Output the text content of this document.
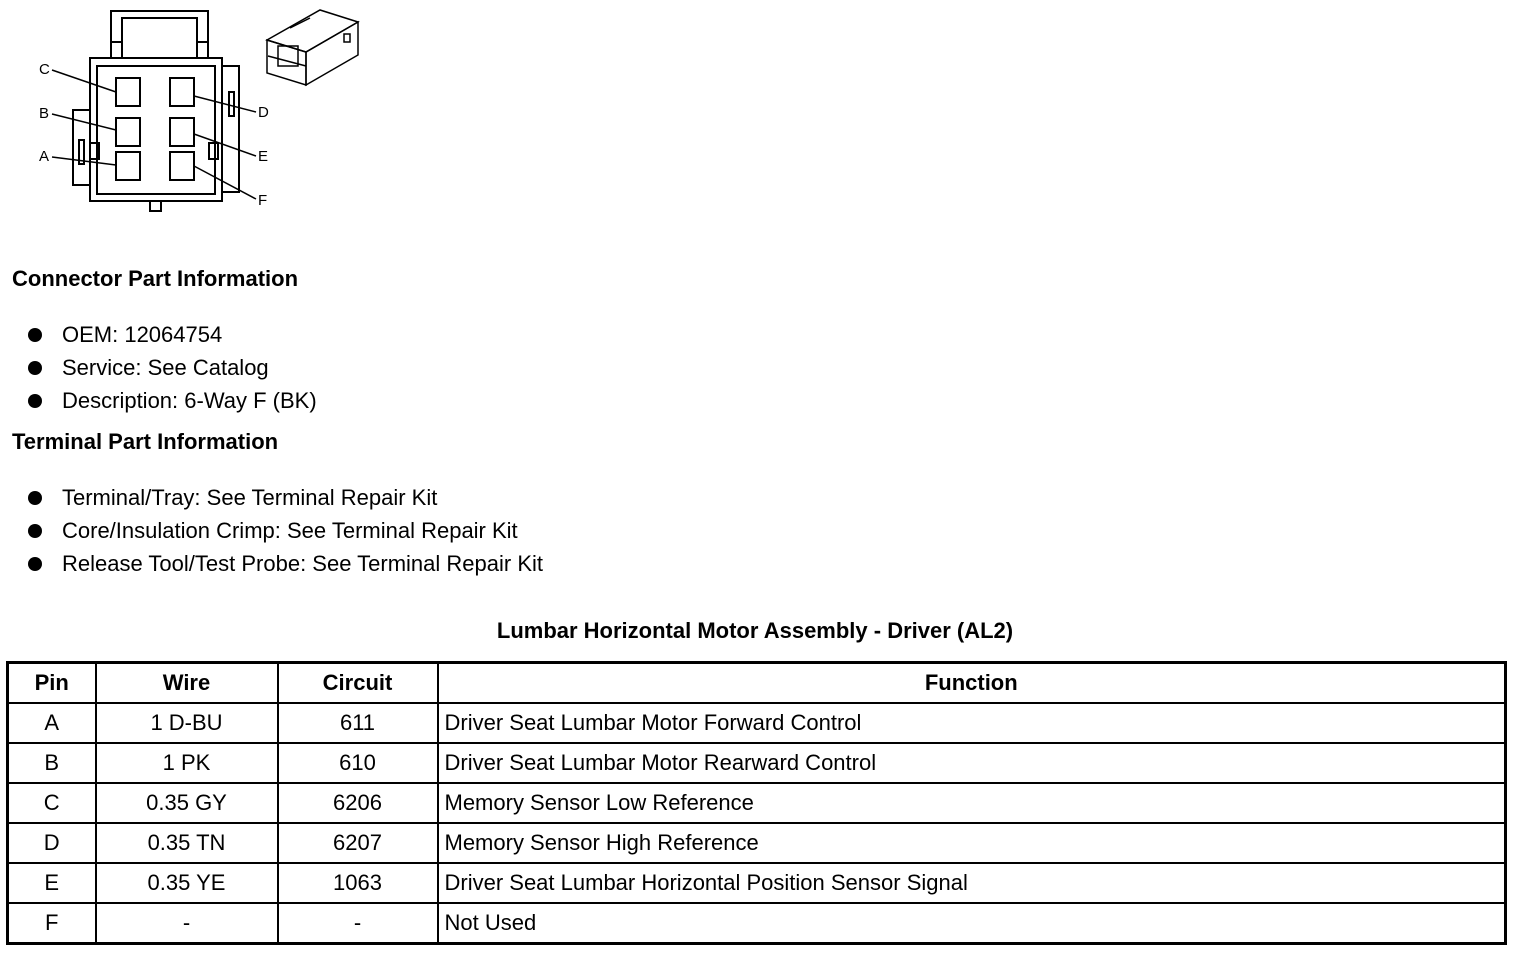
C
B
A
D
E
F
Connector Part Information
OEM: 12064754
Service: See Catalog
Description: 6-Way F (BK)
Terminal Part Information
Terminal/Tray: See Terminal Repair Kit
Core/Insulation Crimp: See Terminal Repair Kit
Release Tool/Test Probe: See Terminal Repair Kit
Lumbar Horizontal Motor Assembly - Driver (AL2)
Pin	Wire	Circuit	Function
A	1 D-BU	611	Driver Seat Lumbar Motor Forward Control
B	1 PK	610	Driver Seat Lumbar Motor Rearward Control
C	0.35 GY	6206	Memory Sensor Low Reference
D	0.35 TN	6207	Memory Sensor High Reference
E	0.35 YE	1063	Driver Seat Lumbar Horizontal Position Sensor Signal
F	-	-	Not Used
